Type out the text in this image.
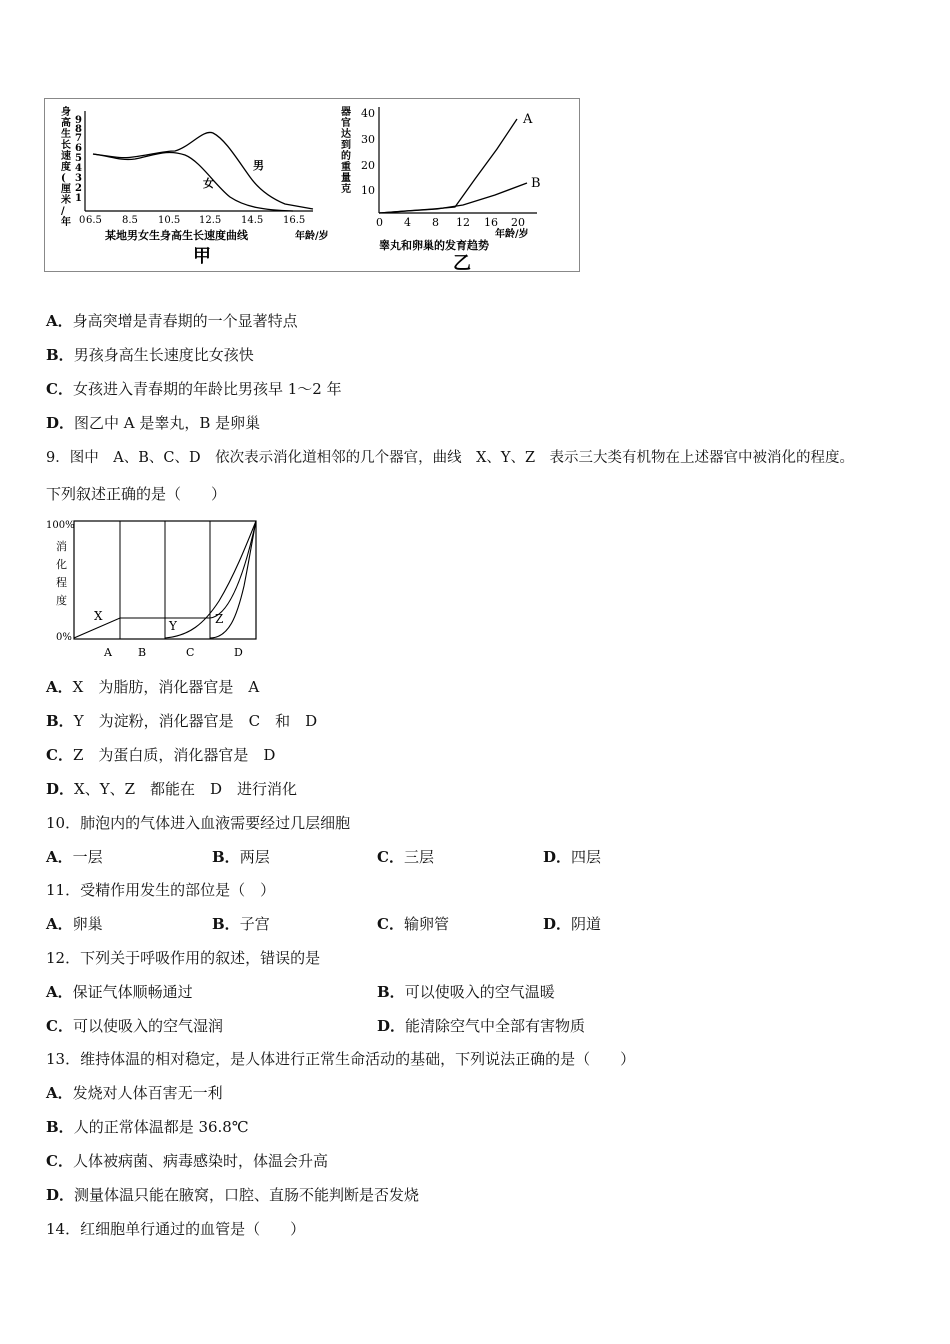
身高生长速度(厘米/年
9
8
7
6
5
4
3
2
1
0 6.5 8.5 10.5 12.5 14.5 16.5
男
女
某地男女生身高生长速度曲线	年龄/岁
甲
器官达到的重量克
40
30
20
10
0 4 8 12 16 20
A
B
年龄/岁
睾丸和卵巢的发育趋势
乙
A．身高突增是青春期的一个显著特点
B．男孩身高生长速度比女孩快
C．女孩进入青春期的年龄比男孩早 1～2 年
D．图乙中 A 是睾丸，B 是卵巢
9．图中　A、B、C、D　依次表示消化道相邻的几个器官，曲线　X、Y、Z　表示三大类有机物在上述器官中被消化的程度。
下列叙述正确的是（　　）
100%
0%
消
化
程
度
X
Y	Z
A B	C	D
A．X　为脂肪，消化器官是　A
B．Y　为淀粉，消化器官是　C　和　D
C．Z　为蛋白质，消化器官是　D
D．X、Y、Z　都能在　D　进行消化
10．肺泡内的气体进入血液需要经过几层细胞
A．一层	B．两层	C．三层	D．四层
11．受精作用发生的部位是（　）
A．卵巢	B．子宫	C．输卵管	D．阴道
12．下列关于呼吸作用的叙述，错误的是
A．保证气体顺畅通过	B．可以使吸入的空气温暖
C．可以使吸入的空气湿润	D．能清除空气中全部有害物质
13．维持体温的相对稳定，是人体进行正常生命活动的基础，下列说法正确的是（　　）
A．发烧对人体百害无一利
B．人的正常体温都是 36.8℃
C．人体被病菌、病毒感染时，体温会升高
D．测量体温只能在腋窝，口腔、直肠不能判断是否发烧
14．红细胞单行通过的血管是（　　）
